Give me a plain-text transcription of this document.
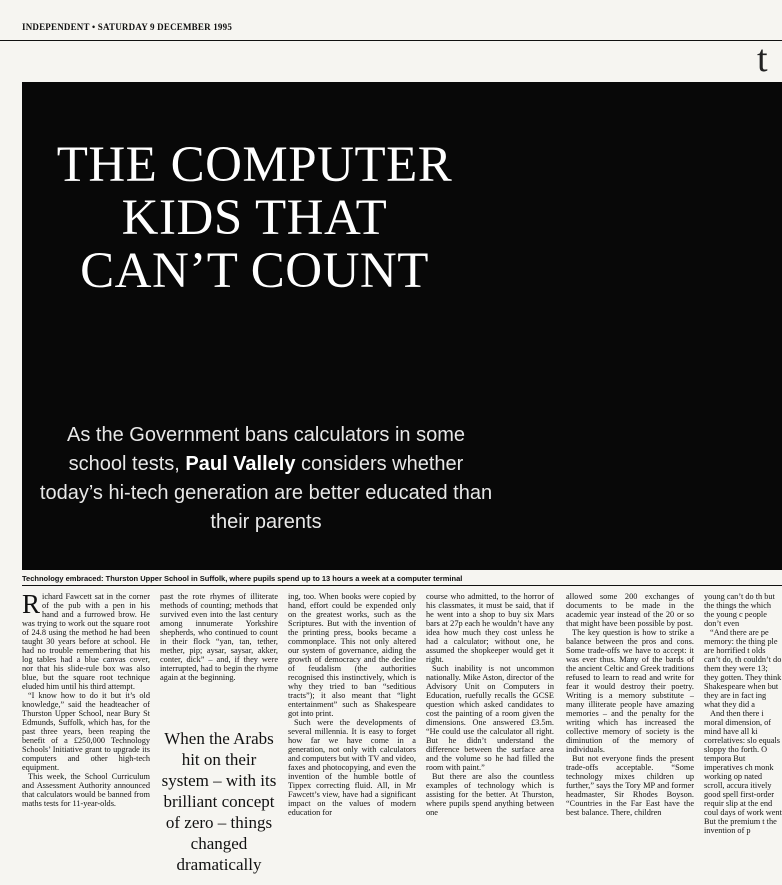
INDEPENDENT • SATURDAY 9 DECEMBER 1995
t
THE COMPUTER
KIDS THAT
CAN’T COUNT

As the Government bans calculators in some school tests, Paul Vallely considers whether today’s hi-tech generation are better educated than their parents

Technology embraced: Thurston Upper School in Suffolk, where pupils spend up to 13 hours a week at a computer terminal

Richard Fawcett sat in the corner of the pub with a pen in his hand and a furrowed brow. He was trying to work out the square root of 24.8 using the method he had been taught 30 years before at school. He had no trouble remembering that his log tables had a blue canvas cover, nor that his slide-rule box was also blue, but the square root technique eluded him until his third attempt.

“I know how to do it but it’s old knowledge,” said the headteacher of Thurston Upper School, near Bury St Edmunds, Suffolk, which has, for the past three years, been reaping the benefit of a £250,000 Technology Schools’ Initiative grant to upgrade its computers and other high-tech equipment.

This week, the School Curriculum and Assessment Authority announced that calculators would be banned from maths tests for 11-year-olds.

past the rote rhymes of illiterate methods of counting; methods that survived even into the last century among innumerate Yorkshire shepherds, who continued to count in their flock “yan, tan, tether, mether, pip; aysar, saysar, akker, conter, dick” – and, if they were interrupted, had to begin the rhyme again at the beginning.

When the Arabs hit on their system – with its brilliant concept of zero – things changed dramatically

ing, too. When books were copied by hand, effort could be expended only on the greatest works, such as the Scriptures. But with the invention of the printing press, books became a commonplace. This not only altered our system of governance, aiding the growth of democracy and the decline of feudalism (the authorities recognised this instinctively, which is why they tried to ban “seditious tracts”); it also meant that “light entertainment” such as Shakespeare got into print.

Such were the developments of several millennia. It is easy to forget how far we have come in a generation, not only with calculators and computers but with TV and video, faxes and photocopying, and even the invention of the humble bottle of Tippex correcting fluid. All, in Mr Fawcett’s view, have had a significant impact on the values of modern education for

course who admitted, to the horror of his classmates, it must be said, that if he went into a shop to buy six Mars bars at 27p each he wouldn’t have any idea how much they cost unless he had a calculator; without one, he assumed the shopkeeper would get it right.

Such inability is not uncommon nationally. Mike Aston, director of the Advisory Unit on Computers in Education, ruefully recalls the GCSE question which asked candidates to cost the painting of a room given the dimensions. One answered £3.5m. “He could use the calculator all right. But he didn’t understand the difference between the surface area and the volume so he had filled the room with paint.”

But there are also the countless examples of technology which is assisting for the better. At Thurston, where pupils spend anything between one

allowed some 200 exchanges of documents to be made in the academic year instead of the 20 or so that might have been possible by post.

The key question is how to strike a balance between the pros and cons. Some trade-offs we have to accept: it was ever thus. Many of the bards of the ancient Celtic and Greek traditions refused to learn to read and write for fear it would destroy their poetry. Writing is a memory substitute – many illiterate people have amazing memories – and the penalty for the writing which has increased the collective memory of society is the diminution of the memory of individuals.

But not everyone finds the present trade-offs acceptable. “Some technology mixes children up further,” says the Tory MP and former headmaster, Sir Rhodes Boyson. “Countries in the Far East have the best balance. There, children

young can’t do th but the things the which the young c people don’t even

“And there are pe memory: the thing ple are horrified t olds can’t do, th couldn’t do them they were 13; they gotten. They think Shakespeare when but they are in fact ing what they did a

And then there i moral dimension, of mind have all ki correlatives: slo equals sloppy tho forth. O tempora But imperatives ch monk working op nated scroll, accura itively good spell first-order requir slip at the end coul days of work went But the premium t the invention of p
